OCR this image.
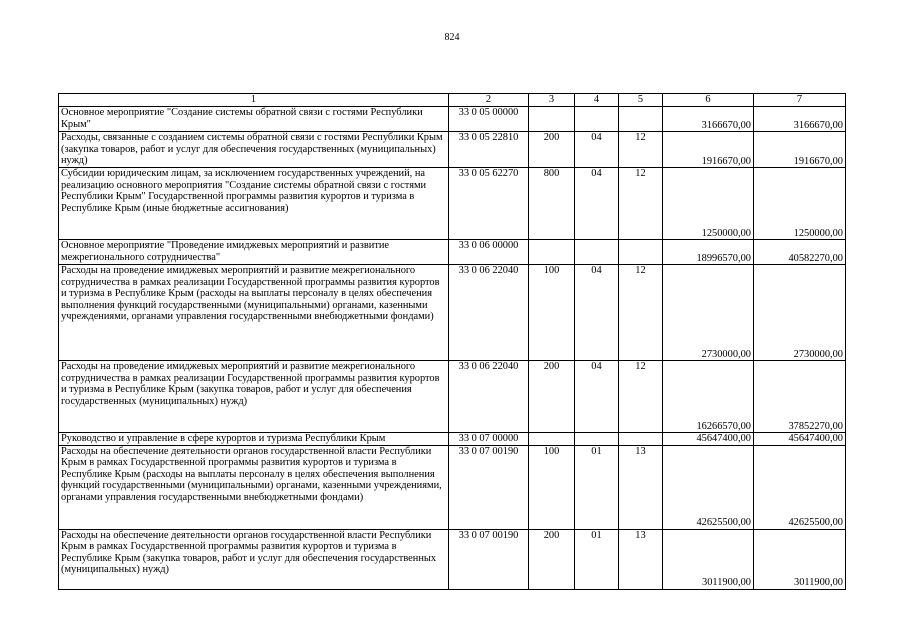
824
1	2	3	4	5	6	7
Основное мероприятие "Создание системы обратной связи с гостями Республики Крым"	33 0 05 00000				3166670,00	3166670,00
Расходы, связанные с созданием системы обратной связи с гостями Республики Крым (закупка товаров, работ и услуг для обеспечения государственных (муниципальных) нужд)	33 0 05 22810	200	04	12	1916670,00	1916670,00
Субсидии юридическим лицам, за исключением государственных учреждений, на реализацию основного мероприятия "Создание системы обратной связи с гостями Республики Крым" Государственной программы развития курортов и туризма в Республике Крым (иные бюджетные ассигнования)	33 0 05 62270	800	04	12	1250000,00	1250000,00
Основное мероприятие "Проведение имиджевых мероприятий и развитие межрегионального сотрудничества"	33 0 06 00000				18996570,00	40582270,00
Расходы на проведение имиджевых мероприятий и развитие межрегионального сотрудничества в рамках реализации Государственной программы развития курортов и туризма в Республике Крым (расходы на выплаты персоналу в целях обеспечения выполнения функций государственными (муниципальными) органами, казенными учреждениями, органами управления государственными внебюджетными фондами)	33 0 06 22040	100	04	12	2730000,00	2730000,00
Расходы на проведение имиджевых мероприятий и развитие межрегионального сотрудничества в рамках реализации Государственной программы развития курортов и туризма в Республике Крым (закупка товаров, работ и услуг для обеспечения государственных (муниципальных) нужд)	33 0 06 22040	200	04	12	16266570,00	37852270,00
Руководство и управление в сфере курортов и туризма Республики Крым	33 0 07 00000				45647400,00	45647400,00
Расходы на обеспечение деятельности органов государственной власти Республики Крым в рамках Государственной программы развития курортов и туризма в Республике Крым (расходы на выплаты персоналу в целях обеспечения выполнения функций государственными (муниципальными) органами, казенными учреждениями, органами управления государственными внебюджетными фондами)	33 0 07 00190	100	01	13	42625500,00	42625500,00
Расходы на обеспечение деятельности органов государственной власти Республики Крым в рамках Государственной программы развития курортов и туризма в Республике Крым (закупка товаров, работ и услуг для обеспечения государственных (муниципальных) нужд)	33 0 07 00190	200	01	13	3011900,00	3011900,00
